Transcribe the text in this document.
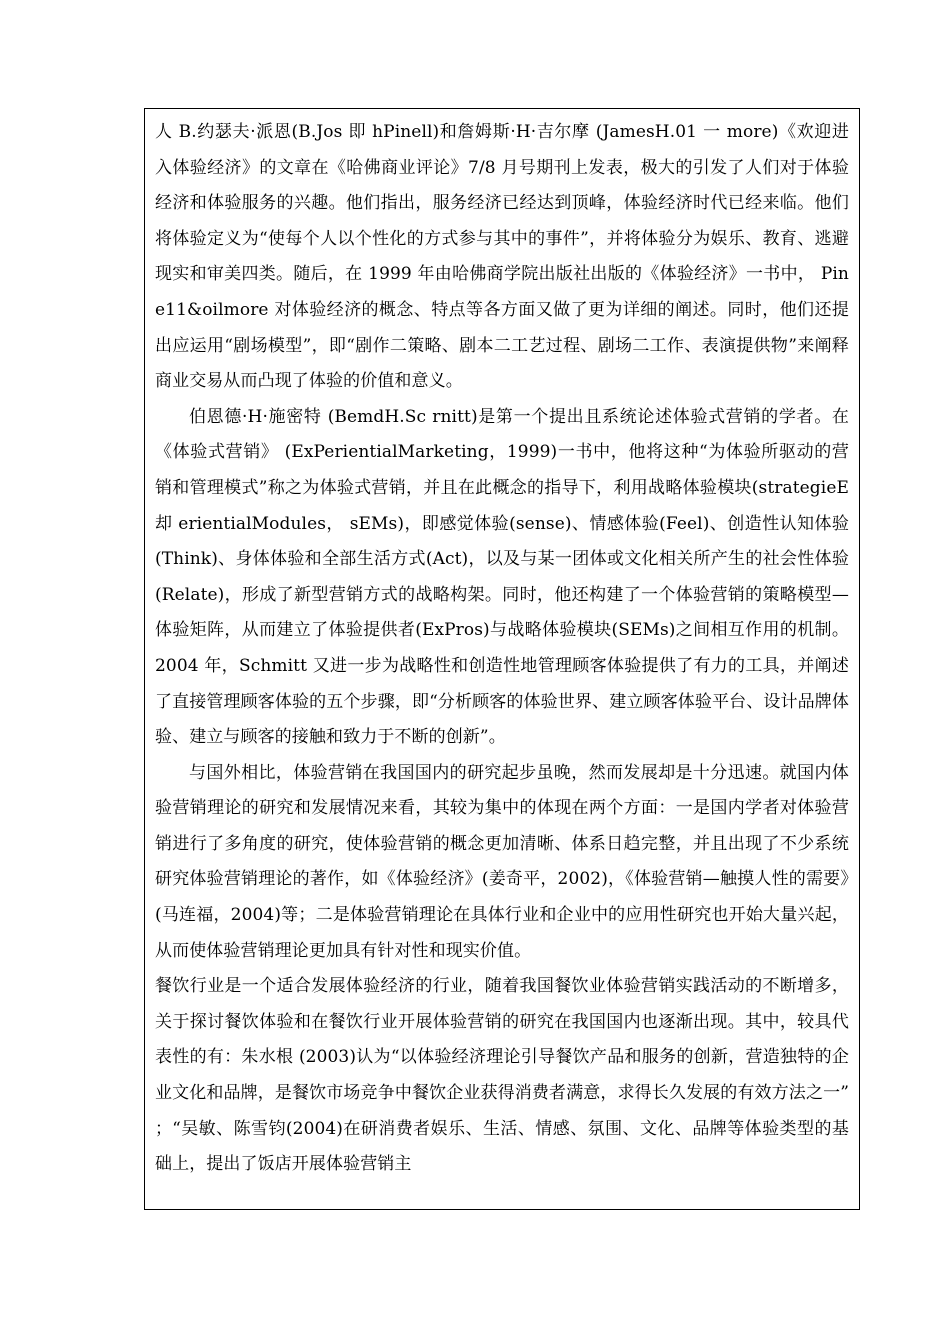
人 B.约瑟夫·派恩(B.Jos 即 hPinell)和詹姆斯·H·吉尔摩 (JamesH.01 一 more)《欢迎进入体验经济》的文章在《哈佛商业评论》7/8 月号期刊上发表，极大的引发了人们对于体验经济和体验服务的兴趣。他们指出，服务经济已经达到顶峰，体验经济时代已经来临。他们将体验定义为“使每个人以个性化的方式参与其中的事件”，并将体验分为娱乐、教育、逃避现实和审美四类。随后，在 1999 年由哈佛商学院出版社出版的《体验经济》一书中， Pine11&oilmore 对体验经济的概念、特点等各方面又做了更为详细的阐述。同时，他们还提出应运用“剧场模型”，即“剧作二策略、剧本二工艺过程、剧场二工作、表演提供物”来阐释商业交易从而凸现了体验的价值和意义。

伯恩德·H·施密特 (BemdH.Sc rnitt)是第一个提出且系统论述体验式营销的学者。在《体验式营销》 (ExPerientialMarketing，1999)一书中，他将这种“为体验所驱动的营销和管理模式”称之为体验式营销，并且在此概念的指导下，利用战略体验模块(strategieE 却 erientialModules， sEMs)，即感觉体验(sense)、情感体验(Feel)、创造性认知体验(Think)、身体体验和全部生活方式(Act)，以及与某一团体或文化相关所产生的社会性体验(Relate)，形成了新型营销方式的战略构架。同时，他还构建了一个体验营销的策略模型—体验矩阵，从而建立了体验提供者(ExPros)与战略体验模块(SEMs)之间相互作用的机制。2004 年，Schmitt 又进一步为战略性和创造性地管理顾客体验提供了有力的工具，并阐述了直接管理顾客体验的五个步骤，即“分析顾客的体验世界、建立顾客体验平台、设计品牌体验、建立与顾客的接触和致力于不断的创新”。

与国外相比，体验营销在我国国内的研究起步虽晚，然而发展却是十分迅速。就国内体验营销理论的研究和发展情况来看，其较为集中的体现在两个方面：一是国内学者对体验营销进行了多角度的研究，使体验营销的概念更加清晰、体系日趋完整，并且出现了不少系统研究体验营销理论的著作，如《体验经济》(姜奇平，2002)，《体验营销—触摸人性的需要》(马连福，2004)等；二是体验营销理论在具体行业和企业中的应用性研究也开始大量兴起，从而使体验营销理论更加具有针对性和现实价值。

餐饮行业是一个适合发展体验经济的行业，随着我国餐饮业体验营销实践活动的不断增多，关于探讨餐饮体验和在餐饮行业开展体验营销的研究在我国国内也逐渐出现。其中，较具代表性的有：朱水根 (2003)认为“以体验经济理论引导餐饮产品和服务的创新，营造独特的企业文化和品牌，是餐饮市场竞争中餐饮企业获得消费者满意，求得长久发展的有效方法之一” ；“吴敏、陈雪钧(2004)在研消费者娱乐、生活、情感、氛围、文化、品牌等体验类型的基础上，提出了饭店开展体验营销主
